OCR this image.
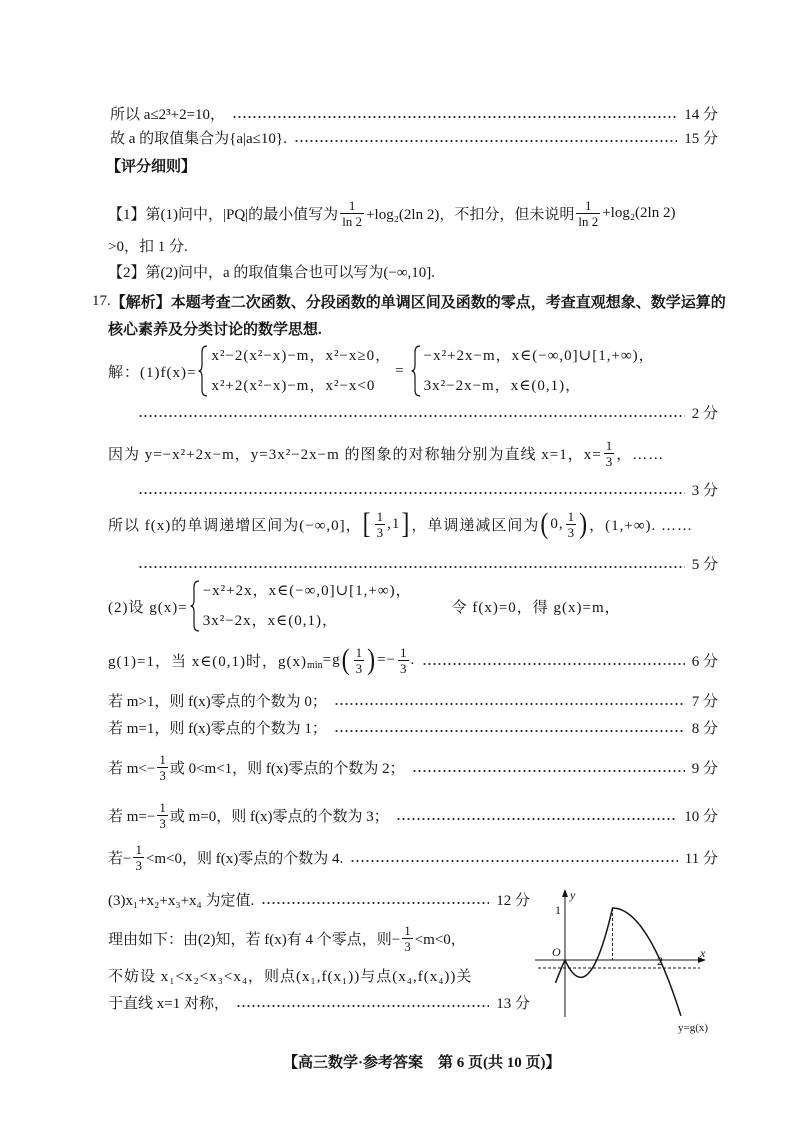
所以 a≤2³+2=10，	14 分
故 a 的取值集合为{a|a≤10}.	15 分
【评分细则】
【1】第(1)问中，|PQ|的最小值写为 $\frac{1}{\ln 2} +\log_2(2\ln$ 2)，不扣分，但未说明 $\frac{1}{\ln 2} +\log_2(2\ln$ 2)
>0，扣 1 分.
【2】第(2)问中，a 的取值集合也可以写为(−∞,10].
17. 【解析】本题考查二次函数、分段函数的单调区间及函数的零点，考查直观想象、数学运算的
核心素养及分类讨论的数学思想.
解：(1)f(x)=
x²−2(x²−x)−m，x²−x≥0，
x²+2(x²−x)−m，x²−x<0
=
−x²+2x−m，x∈(−∞,0]∪[1,+∞)，
3x²−2x−m，x∈(0,1)，
2 分
因为 y=−x²+2x−m，y=3x²−2x−m 的图象的对称轴分别为直线 x=1，$x= \frac{1}{3}$ ，……
3 分
所以 f(x)的单调递增区间为(−∞,0]， [ $\frac{1}{3} ,1$ ] ，单调递减区间为 ( 0, $\frac{1}{3}$ ) ，(1,+∞). ……
5 分
(2)设 g(x)=
−x²+2x，x∈(−∞,0]∪[1,+∞)，
3x²−2x，x∈(0,1)，
令 f(x)=0，得 g(x)=m，
g(1)=1，当 x∈(0,1)时，g(x) min =g ( $\frac{1}{3}$ ) =− $\frac{1}{3}$ .	6 分
若 m>1，则 f(x)零点的个数为 0；	7 分
若 m=1，则 f(x)零点的个数为 1；	8 分
若 $m<- \frac{1}{3}$ 或 0<m<1，则 f(x)零点的个数为 2；	9 分
若 $m=- \frac{1}{3}$ 或 m=0，则 f(x)零点的个数为 3；	10 分
若− $\frac{1}{3} <m<0$，则 f(x)零点的个数为 4.	11 分
(3)x₁+x₂+x₃+x₄ 为定值.	12 分
理由如下：由(2)知，若 f(x)有 4 个零点，则− $\frac{1}{3} <m<0$，
不妨设 x₁<x₂<x₃<x₄，则点(x₁,f(x₁))与点(x₄,f(x₄))关
于直线 x=1 对称，	13 分
y
1
O
2
x
y=g(x)
【高三数学·参考答案　第 6 页(共 10 页)】
